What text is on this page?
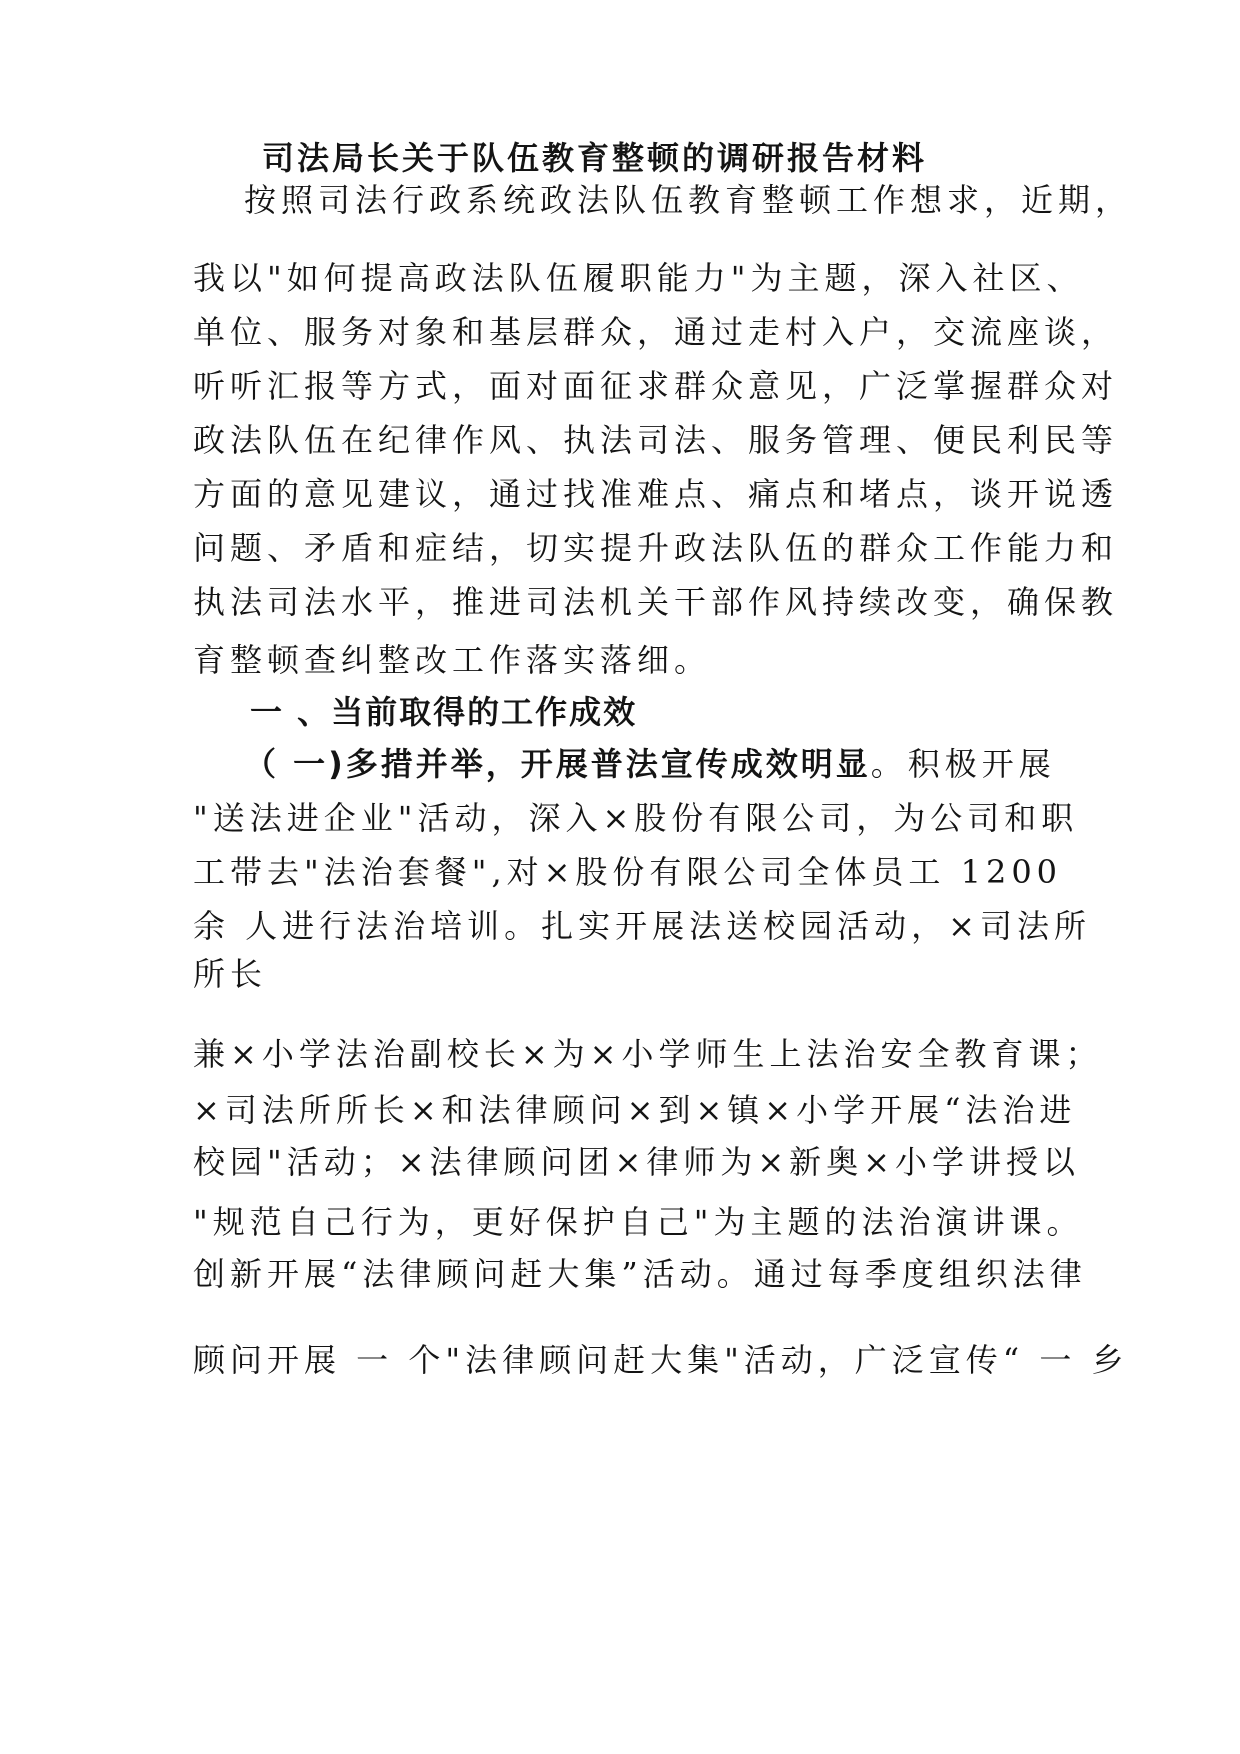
司法局长关于队伍教育整顿的调研报告材料
按照司法行政系统政法队伍教育整顿工作想求，近期，
我以"如何提高政法队伍履职能力"为主题，深入社区、
单位、服务对象和基层群众，通过走村入户，交流座谈，
听听汇报等方式，面对面征求群众意见，广泛掌握群众对
政法队伍在纪律作风、执法司法、服务管理、便民利民等
方面的意见建议，通过找准难点、痛点和堵点，谈开说透
问题、矛盾和症结，切实提升政法队伍的群众工作能力和
执法司法水平，推进司法机关干部作风持续改变，确保教
育整顿查纠整改工作落实落细。
一 、当前取得的工作成效
（ 一)多措并举，开展普法宣传成效明显。积极开展
"送法进企业"活动，深入×股份有限公司，为公司和职
工带去"法治套餐",对×股份有限公司全体员工 1200
余 人进行法治培训。扎实开展法送校园活动，×司法所
所长
兼×小学法治副校长×为×小学师生上法治安全教育课；
×司法所所长×和法律顾问×到×镇×小学开展“法治进
校园"活动；×法律顾问团×律师为×新奥×小学讲授以
"规范自己行为，更好保护自己"为主题的法治演讲课。
创新开展“法律顾问赶大集”活动。通过每季度组织法律
顾问开展 一 个"法律顾问赶大集"活动，广泛宣传“ 一 乡
